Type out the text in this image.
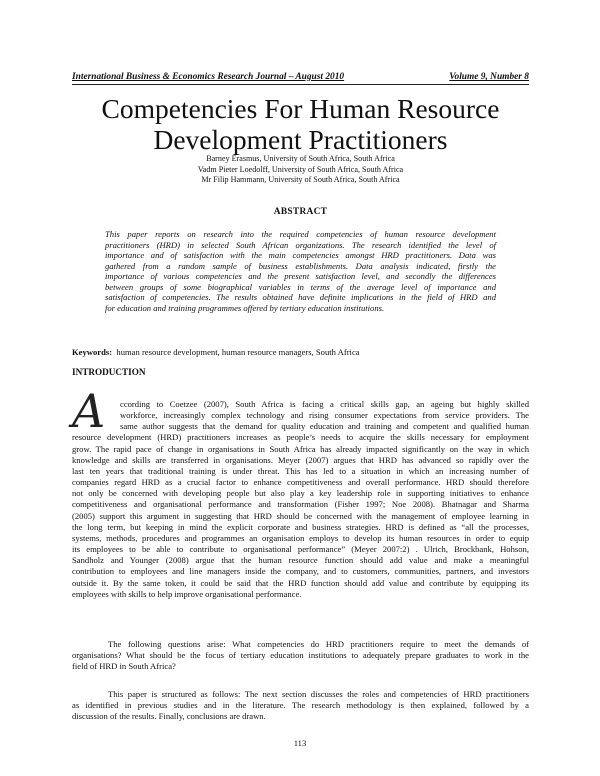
International Business & Economics Research Journal – August 2010	Volume 9, Number 8
Competencies For Human Resource
Development Practitioners
Barney Erasmus, University of South Africa, South Africa
Vadm Pieter Loedolff, University of South Africa, South Africa
Mr Filip Hammann, University of South Africa, South Africa
ABSTRACT
This paper reports on research into the required competencies of human resource development
practitioners (HRD) in selected South African organizations. The research identified the level of
importance and of satisfaction with the main competencies amongst HRD practitioners. Data was
gathered from a random sample of business establishments. Data analysis indicated, firstly the
importance of various competencies and the present satisfaction level, and secondly the differences
between groups of some biographical variables in terms of the average level of importance and
satisfaction of competencies. The results obtained have definite implications in the field of HRD and
for education and training programmes offered by tertiary education institutions.
Keywords: human resource development, human resource managers, South Africa
INTRODUCTION
A	ccording to Coetzee (2007), South Africa is facing a critical skills gap, an ageing but highly skilled
workforce, increasingly complex technology and rising consumer expectations from service providers. The
same author suggests that the demand for quality education and training and competent and qualified human
resource development (HRD) practitioners increases as people’s needs to acquire the skills necessary for employment
grow. The rapid pace of change in organisations in South Africa has already impacted significantly on the way in which
knowledge and skills are transferred in organisations. Meyer (2007) argues that HRD has advanced so rapidly over the
last ten years that traditional training is under threat. This has led to a situation in which an increasing number of
companies regard HRD as a crucial factor to enhance competitiveness and overall performance. HRD should therefore
not only be concerned with developing people but also play a key leadership role in supporting initiatives to enhance
competitiveness and organisational performance and transformation (Fisher 1997; Noe 2008). Bhatnagar and Sharma
(2005) support this argument in suggesting that HRD should be concerned with the management of employee learning in
the long term, but keeping in mind the explicit corporate and business strategies. HRD is defined as “all the processes,
systems, methods, procedures and programmes an organisation employs to develop its human resources in order to equip
its employees to be able to contribute to organisational performance” (Meyer 2007:2) . Ulrich, Brockbank, Hohson,
Sandholz and Younger (2008) argue that the human resource function should add value and make a meaningful
contribution to employees and line managers inside the company, and to customers, communities, partners, and investors
outside it. By the same token, it could be said that the HRD function should add value and contribute by equipping its
employees with skills to help improve organisational performance.
The following questions arise: What competencies do HRD practitioners require to meet the demands of
organisations? What should be the focus of tertiary education institutions to adequately prepare graduates to work in the
field of HRD in South Africa?
This paper is structured as follows: The next section discusses the roles and competencies of HRD practitioners
as identified in previous studies and in the literature. The research methodology is then explained, followed by a
discussion of the results. Finally, conclusions are drawn.
113
